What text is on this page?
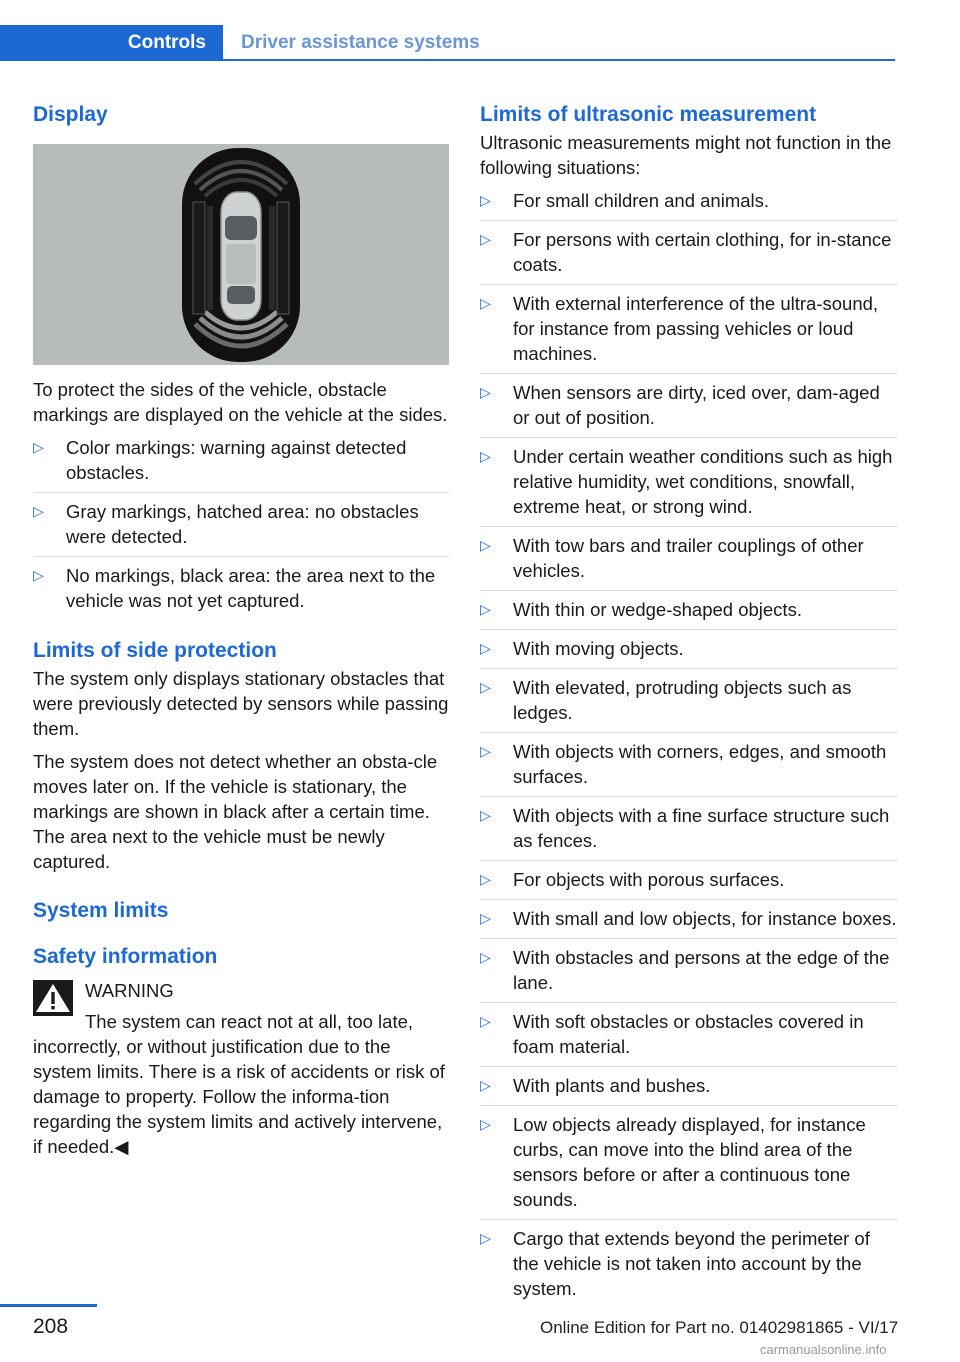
Controls Driver assistance systems
Display

To protect the sides of the vehicle, obstacle markings are displayed on the vehicle at the sides.

▷ Color markings: warning against detected obstacles.
▷ Gray markings, hatched area: no obstacles were detected.
▷ No markings, black area: the area next to the vehicle was not yet captured.
Limits of side protection

The system only displays stationary obstacles that were previously detected by sensors while passing them.

The system does not detect whether an obsta‐cle moves later on. If the vehicle is stationary, the markings are shown in black after a certain time. The area next to the vehicle must be newly captured.

System limits
Safety information
WARNING
The system can react not at all, too late, incorrectly, or without justification due to the system limits. There is a risk of accidents or risk of damage to property. Follow the informa‐tion regarding the system limits and actively intervene, if needed.◀
Limits of ultrasonic measurement

Ultrasonic measurements might not function in the following situations:

▷ For small children and animals.
▷ For persons with certain clothing, for in‐stance coats.
▷ With external interference of the ultra‐sound, for instance from passing vehicles or loud machines.
▷ When sensors are dirty, iced over, dam‐aged or out of position.
▷ Under certain weather conditions such as high relative humidity, wet conditions, snowfall, extreme heat, or strong wind.
▷ With tow bars and trailer couplings of other vehicles.
▷ With thin or wedge-shaped objects.
▷ With moving objects.
▷ With elevated, protruding objects such as ledges.
▷ With objects with corners, edges, and smooth surfaces.
▷ With objects with a fine surface structure such as fences.
▷ For objects with porous surfaces.
▷ With small and low objects, for instance boxes.
▷ With obstacles and persons at the edge of the lane.
▷ With soft obstacles or obstacles covered in foam material.
▷ With plants and bushes.
▷ Low objects already displayed, for instance curbs, can move into the blind area of the sensors before or after a continuous tone sounds.
▷ Cargo that extends beyond the perimeter of the vehicle is not taken into account by the system.
208	Online Edition for Part no. 01402981865 - VI/17
carmanualsonline.info
